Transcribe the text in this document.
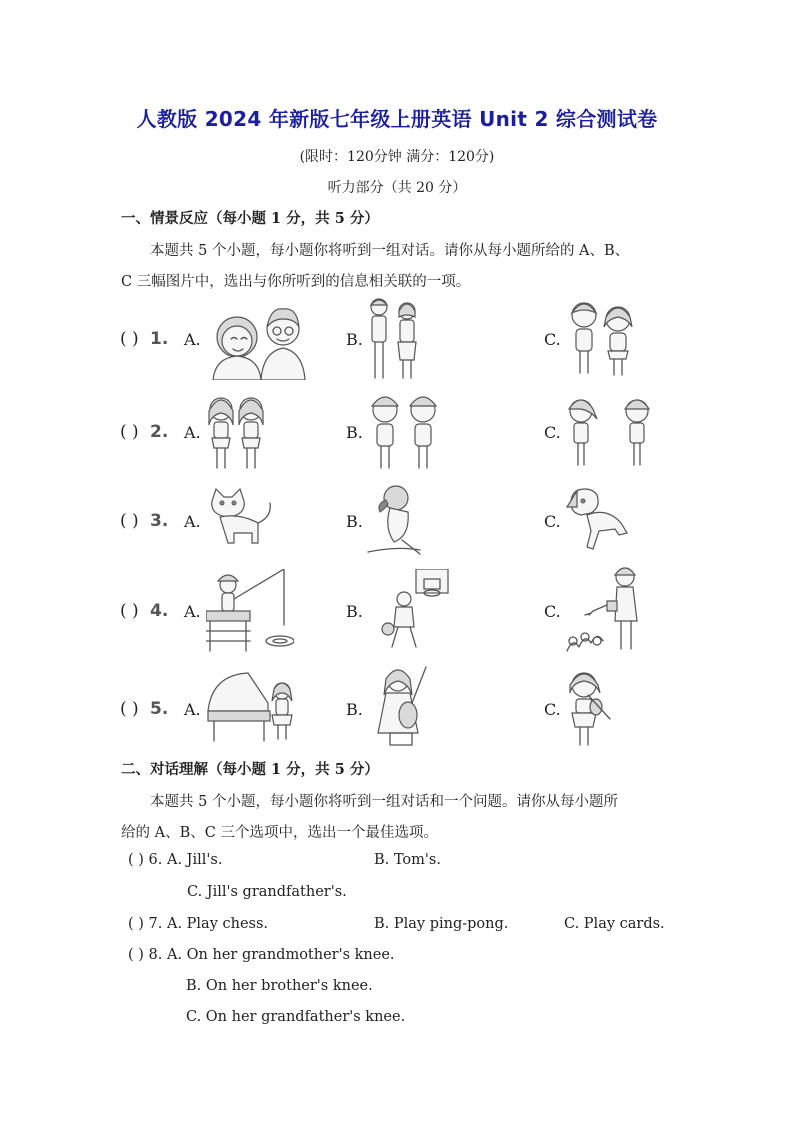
人教版 2024 年新版七年级上册英语 Unit 2 综合测试卷
(限时：120分钟 满分：120分)
听力部分（共 20 分）
一、情景反应（每小题 1 分，共 5 分）
本题共 5 个小题，每小题你将听到一组对话。请你从每小题所给的 A、B、
C 三幅图片中，选出与你所听到的信息相关联的一项。
( ) 1. A.	B.	C.
( ) 2. A.	B.	C.
( ) 3. A.	B.	C.
( ) 4. A.	B.	C.
( ) 5. A.	B.	C.
二、对话理解（每小题 1 分，共 5 分）
本题共 5 个小题，每小题你将听到一组对话和一个问题。请你从每小题所
给的 A、B、C 三个选项中，选出一个最佳选项。
( ) 6. A. Jill's.	B. Tom's.
C. Jill's grandfather's.
( ) 7. A. Play chess.	B. Play ping-pong.	C. Play cards.
( ) 8. A. On her grandmother's knee.
B. On her brother's knee.
C. On her grandfather's knee.
